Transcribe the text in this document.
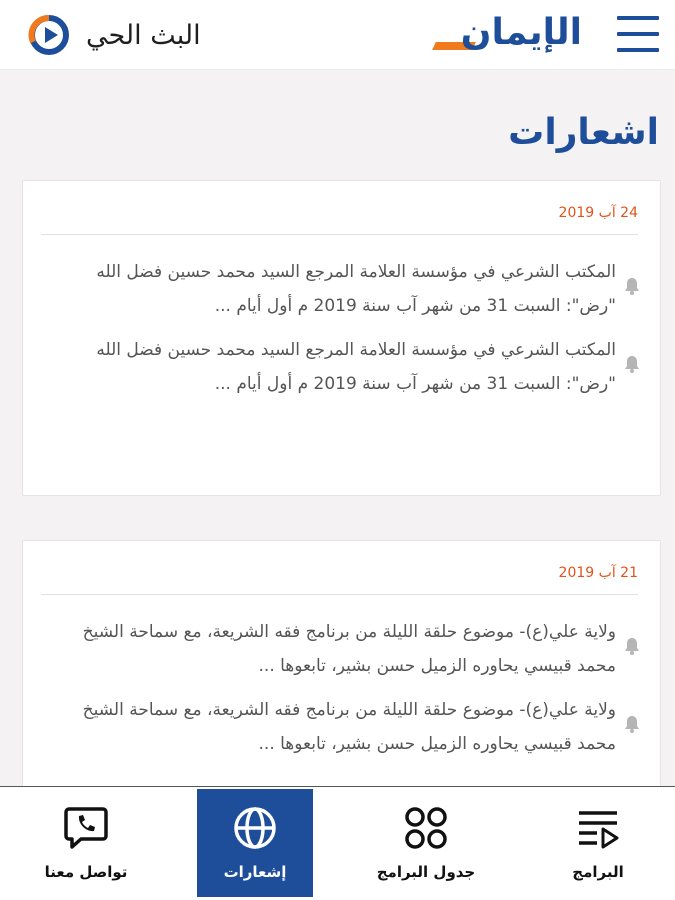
الإيمان
البث الحي
اشعارات
24 آب 2019
المكتب الشرعي في مؤسسة العلامة المرجع السيد محمد حسين فضل الله "رض": السبت 31 من شهر آب سنة 2019 م أول أيام ...
المكتب الشرعي في مؤسسة العلامة المرجع السيد محمد حسين فضل الله "رض": السبت 31 من شهر آب سنة 2019 م أول أيام ...
21 آب 2019
ولاية علي(ع)- موضوع حلقة الليلة من برنامج فقه الشريعة، مع سماحة الشيخ محمد قبيسي يحاوره الزميل حسن بشير، تابعوها ...
ولاية علي(ع)- موضوع حلقة الليلة من برنامج فقه الشريعة، مع سماحة الشيخ محمد قبيسي يحاوره الزميل حسن بشير، تابعوها ...
البرامج
جدول البرامج
إشعارات
تواصل معنا
